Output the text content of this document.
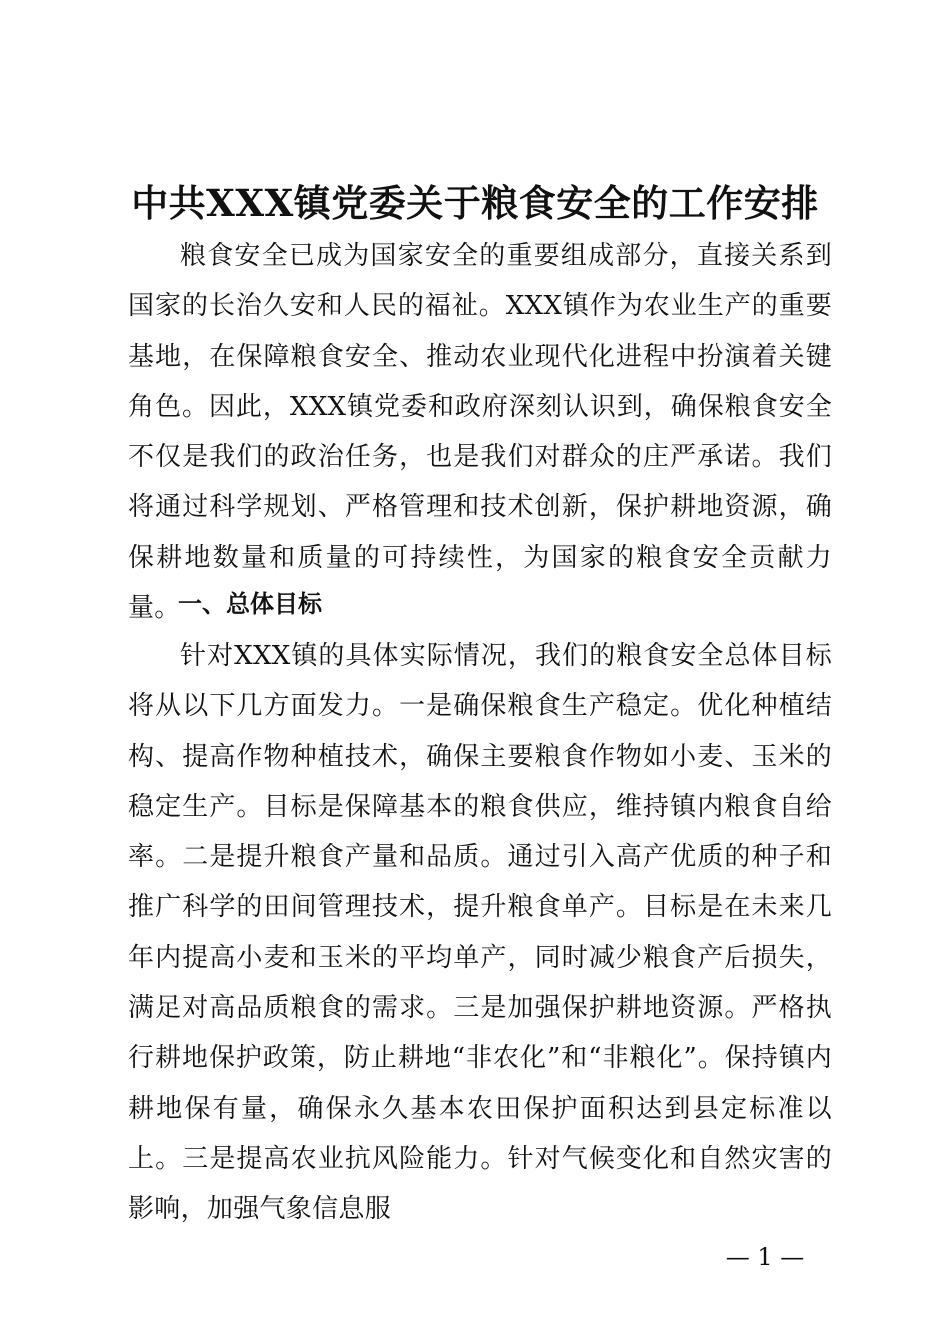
中共XXX镇党委关于粮食安全的工作安排
粮食安全已成为国家安全的重要组成部分，直接关系到国家的长治久安和人民的福祉。XXX镇作为农业生产的重要基地，在保障粮食安全、推动农业现代化进程中扮演着关键角色。因此，XXX镇党委和政府深刻认识到，确保粮食安全不仅是我们的政治任务，也是我们对群众的庄严承诺。我们将通过科学规划、严格管理和技术创新，保护耕地资源，确保耕地数量和质量的可持续性，为国家的粮食安全贡献力量。
一、总体目标
针对XXX镇的具体实际情况，我们的粮食安全总体目标将从以下几方面发力。一是确保粮食生产稳定。优化种植结构、提高作物种植技术，确保主要粮食作物如小麦、玉米的稳定生产。目标是保障基本的粮食供应，维持镇内粮食自给率。二是提升粮食产量和品质。通过引入高产优质的种子和推广科学的田间管理技术，提升粮食单产。目标是在未来几年内提高小麦和玉米的平均单产，同时减少粮食产后损失，满足对高品质粮食的需求。三是加强保护耕地资源。严格执行耕地保护政策，防止耕地“非农化”和“非粮化”。保持镇内耕地保有量，确保永久基本农田保护面积达到县定标准以上。三是提高农业抗风险能力。针对气候变化和自然灾害的影响，加强气象信息服
— 1 —
